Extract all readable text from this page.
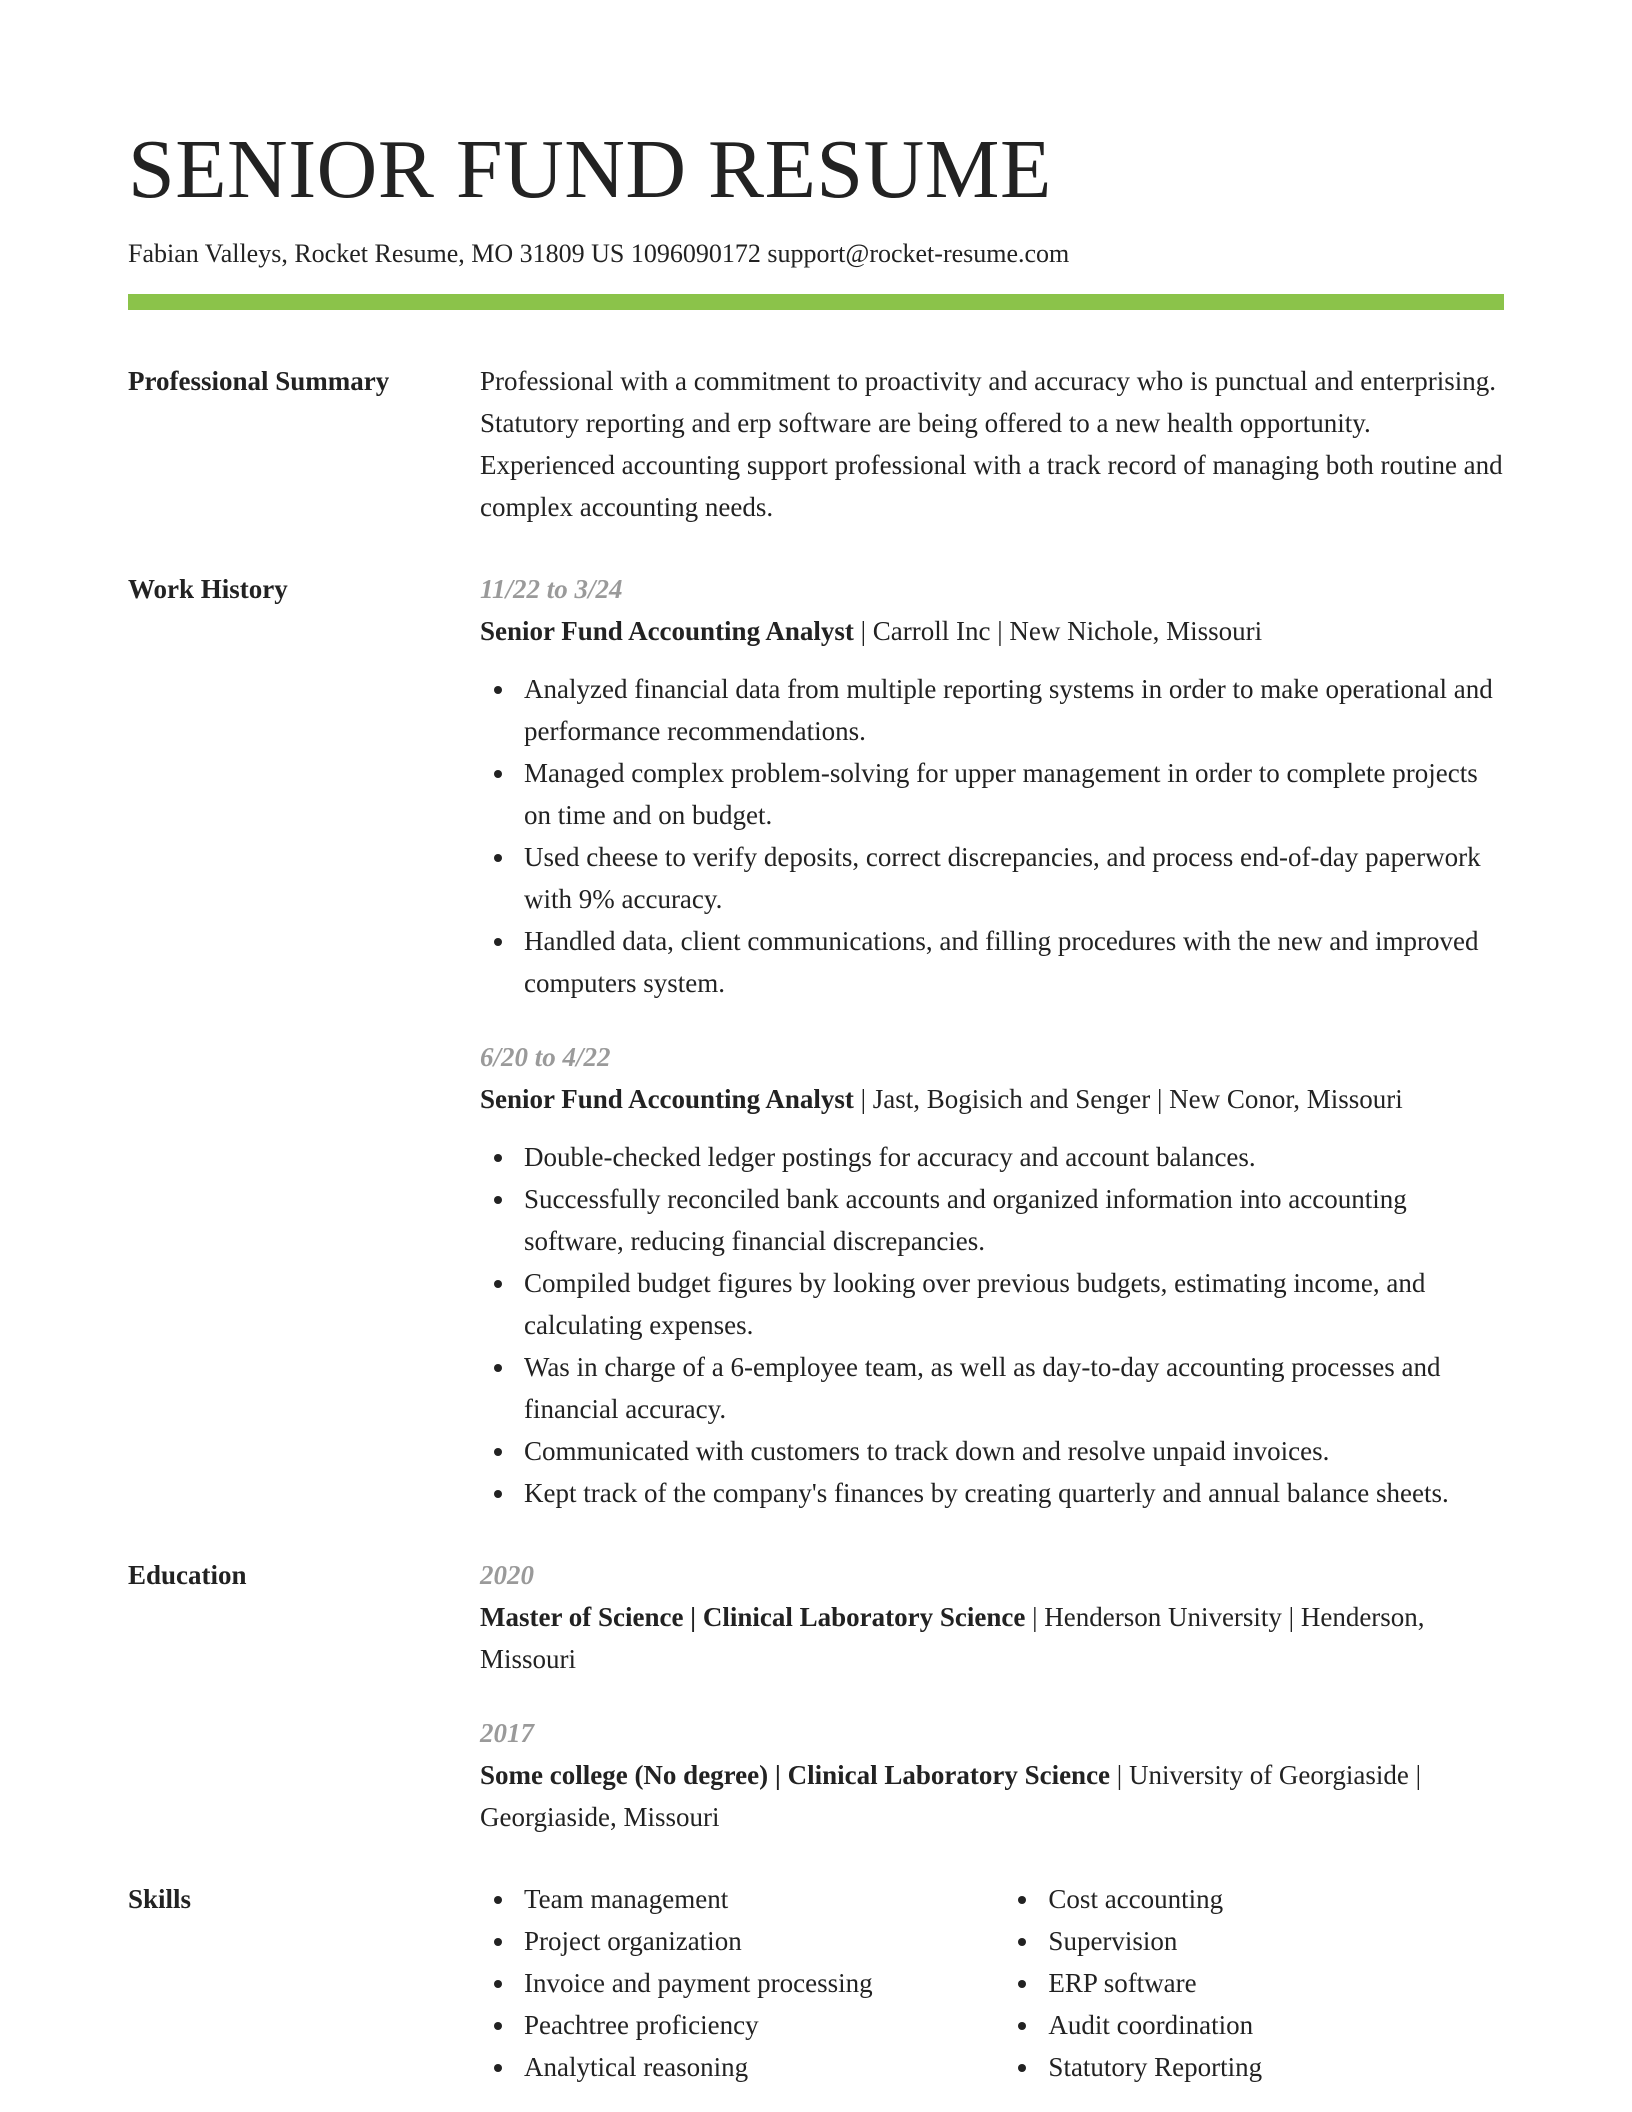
SENIOR FUND RESUME
Fabian Valleys, Rocket Resume, MO 31809 US 1096090172 support@rocket-resume.com
Professional Summary	Professional with a commitment to proactivity and accuracy who is punctual and enterprising. Statutory reporting and erp software are being offered to a new health opportunity. Experienced accounting support professional with a track record of managing both routine and complex accounting needs.
Work History	11/22 to 3/24
Senior Fund Accounting Analyst | Carroll Inc | New Nichole, Missouri
Analyzed financial data from multiple reporting systems in order to make operational and performance recommendations.
Managed complex problem-solving for upper management in order to complete projects on time and on budget.
Used cheese to verify deposits, correct discrepancies, and process end-of-day paperwork with 9% accuracy.
Handled data, client communications, and filling procedures with the new and improved computers system.
6/20 to 4/22
Senior Fund Accounting Analyst | Jast, Bogisich and Senger | New Conor, Missouri
Double-checked ledger postings for accuracy and account balances.
Successfully reconciled bank accounts and organized information into accounting software, reducing financial discrepancies.
Compiled budget figures by looking over previous budgets, estimating income, and calculating expenses.
Was in charge of a 6-employee team, as well as day-to-day accounting processes and financial accuracy.
Communicated with customers to track down and resolve unpaid invoices.
Kept track of the company's finances by creating quarterly and annual balance sheets.
Education	2020
Master of Science | Clinical Laboratory Science | Henderson University | Henderson, Missouri
2017
Some college (No degree) | Clinical Laboratory Science | University of Georgiaside | Georgiaside, Missouri
Skills	Team management
Project organization
Invoice and payment processing
Peachtree proficiency
Analytical reasoning
Cost accounting
Supervision
ERP software
Audit coordination
Statutory Reporting
